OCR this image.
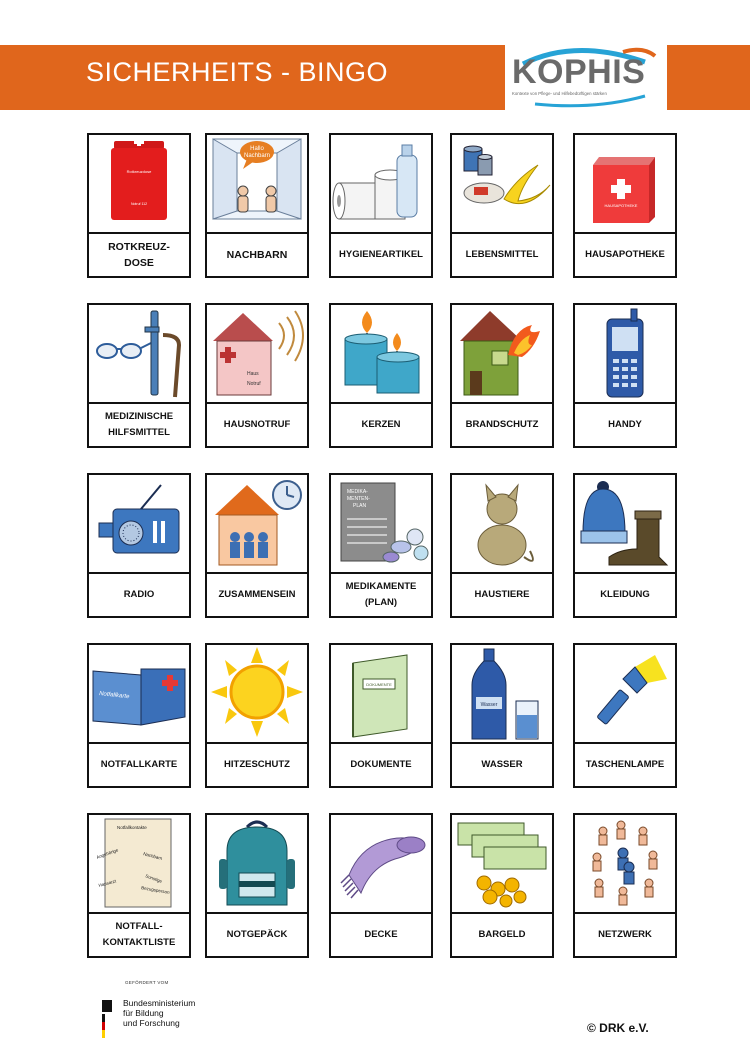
SICHERHEITS - BINGO	KOPHIS
Kontexte von Pflege- und Hilfebedürftigen stärken
Rotkreuzdose
Notruf 112
ROTKREUZ-
DOSE
Hallo
Nachbarn
NACHBARN	HYGIENEARTIKEL	LEBENSMITTEL
HAUSAPOTHEKE
HAUSAPOTHEKE
MEDIZINISCHE
HILFSMITTEL
Haus
Notruf
HAUSNOTRUF	KERZEN	BRANDSCHUTZ	HANDY
RADIO	ZUSAMMENSEIN
MEDIKA-
MENTEN-
PLAN
MEDIKAMENTE
(PLAN)
HAUSTIERE	KLEIDUNG
Notfallkarte
NOTFALLKARTE	HITZESCHUTZ
DOKUMENTE
DOKUMENTE
Wasser
WASSER	TASCHENLAMPE
Notfallkontakte
Angehörige	Nachbarn
Hausarzt	Sonstige
Bezugsperson
NOTFALL-
KONTAKTLISTE
NOTGEPÄCK	DECKE	BARGELD	NETZWERK
GEFÖRDERT VOM
Bundesministerium
für Bildung
und Forschung	© DRK e.V.
